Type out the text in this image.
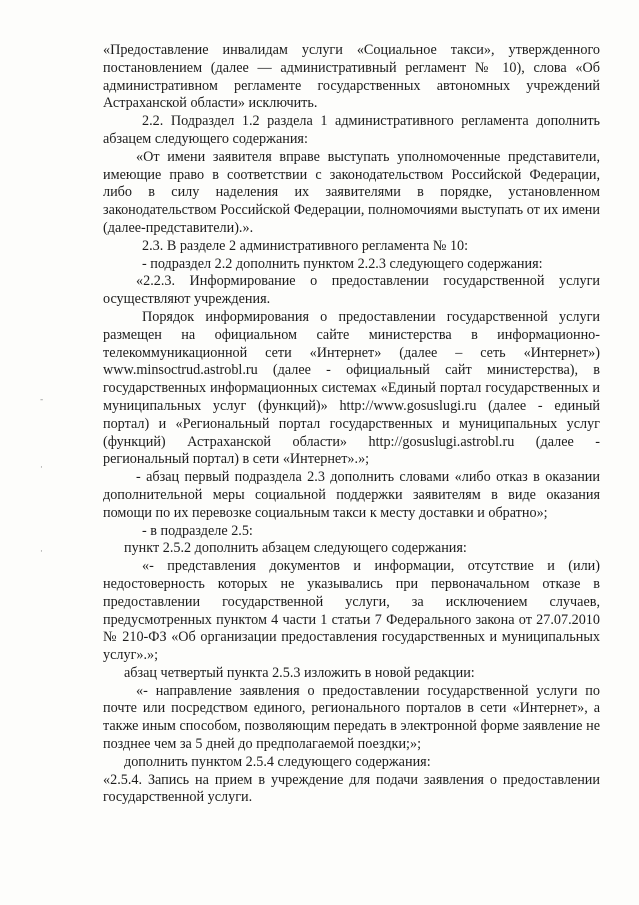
-
·
·

«Предоставление инвалидам услуги «Социальное такси», утвержденного постановлением (далее — административный регламент № 10), слова «Об административном регламенте государственных автономных учреждений Астраханской области» исключить.

2.2. Подраздел 1.2 раздела 1 административного регламента дополнить абзацем следующего содержания:

«От имени заявителя вправе выступать уполномоченные представители, имеющие право в соответствии с законодательством Российской Федерации, либо в силу наделения их заявителями в порядке, установленном законодательством Российской Федерации, полномочиями выступать от их имени (далее-представители).».

2.3. В разделе 2 административного регламента № 10:

- подраздел 2.2 дополнить пунктом 2.2.3 следующего содержания:

«2.2.3. Информирование о предоставлении государственной услуги осуществляют учреждения.

Порядок информирования о предоставлении государственной услуги размещен на официальном сайте министерства в информационно-телекоммуникационной сети «Интернет» (далее – сеть «Интернет») www.minsoctrud.astrobl.ru (далее - официальный сайт министерства), в государственных информационных системах «Единый портал государственных и муниципальных услуг (функций)» http://www.gosuslugi.ru (далее - единый портал) и «Региональный портал государственных и муниципальных услуг (функций) Астраханской области» http://gosuslugi.astrobl.ru (далее - региональный портал) в сети «Интернет».»;

- абзац первый подраздела 2.3 дополнить словами «либо отказ в оказании дополнительной меры социальной поддержки заявителям в виде оказания помощи по их перевозке социальным такси к месту доставки и обратно»;

- в подразделе 2.5:

пункт 2.5.2 дополнить абзацем следующего содержания:

«- представления документов и информации, отсутствие и (или) недостоверность которых не указывались при первоначальном отказе в предоставлении государственной услуги, за исключением случаев, предусмотренных пунктом 4 части 1 статьи 7 Федерального закона от 27.07.2010 № 210-ФЗ «Об организации предоставления государственных и муниципальных услуг».»;

абзац четвертый пункта 2.5.3 изложить в новой редакции:

«- направление заявления о предоставлении государственной услуги по почте или посредством единого, регионального порталов в сети «Интернет», а также иным способом, позволяющим передать в электронной форме заявление не позднее чем за 5 дней до предполагаемой поездки;»;

дополнить пунктом 2.5.4 следующего содержания:

«2.5.4. Запись на прием в учреждение для подачи заявления о предоставлении государственной услуги.
